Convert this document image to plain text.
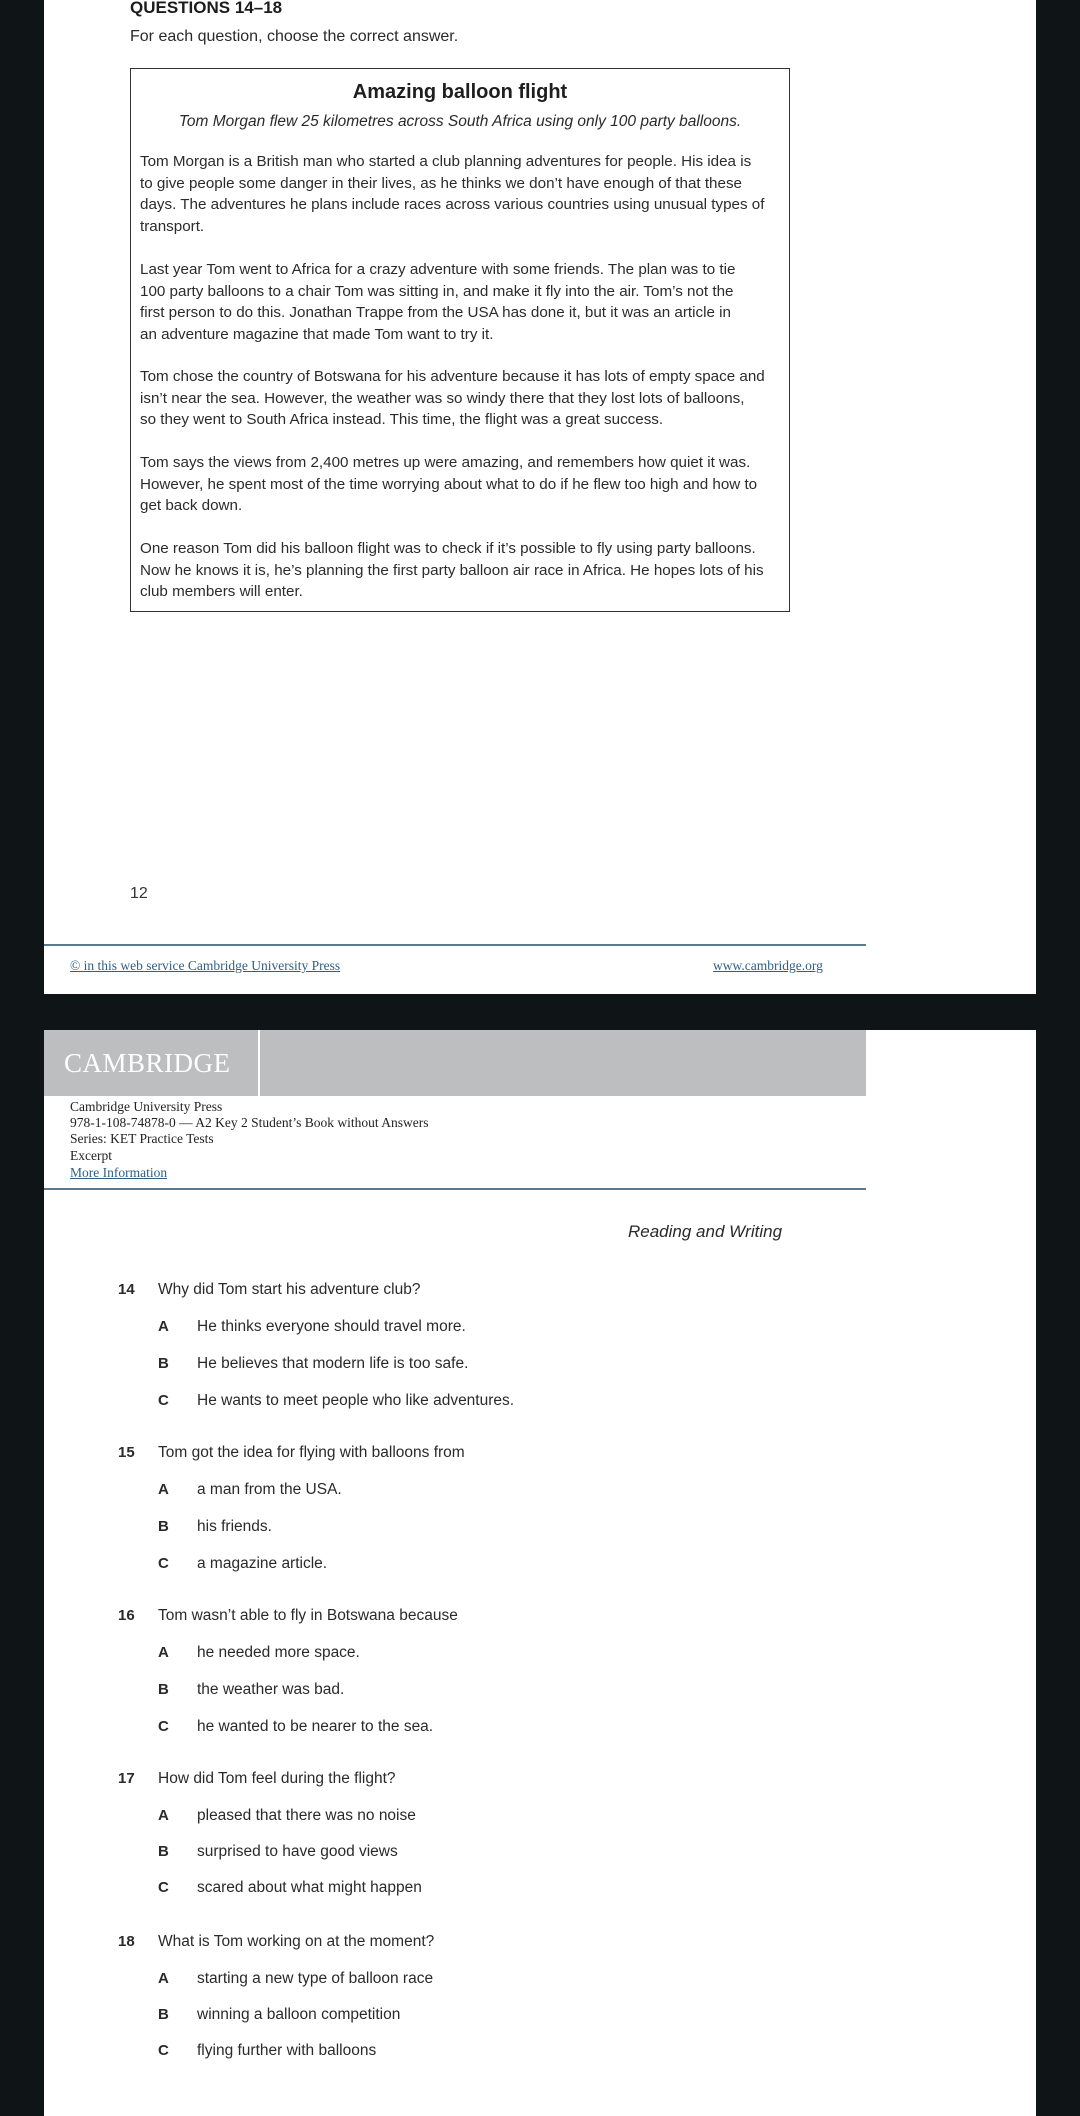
QUESTIONS 14–18
For each question, choose the correct answer.
Amazing balloon flight
Tom Morgan flew 25 kilometres across South Africa using only 100 party balloons.
Tom Morgan is a British man who started a club planning adventures for people. His idea is
to give people some danger in their lives, as he thinks we don’t have enough of that these
days. The adventures he plans include races across various countries using unusual types of
transport.
Last year Tom went to Africa for a crazy adventure with some friends. The plan was to tie
100 party balloons to a chair Tom was sitting in, and make it fly into the air. Tom’s not the
first person to do this. Jonathan Trappe from the USA has done it, but it was an article in
an adventure magazine that made Tom want to try it.
Tom chose the country of Botswana for his adventure because it has lots of empty space and
isn’t near the sea. However, the weather was so windy there that they lost lots of balloons,
so they went to South Africa instead. This time, the flight was a great success.
Tom says the views from 2,400 metres up were amazing, and remembers how quiet it was.
However, he spent most of the time worrying about what to do if he flew too high and how to
get back down.
One reason Tom did his balloon flight was to check if it’s possible to fly using party balloons.
Now he knows it is, he’s planning the first party balloon air race in Africa. He hopes lots of his
club members will enter.
12
© in this web service Cambridge University Press	www.cambridge.org
CAMBRIDGE
Cambridge University Press
978-1-108-74878-0 — A2 Key 2 Student’s Book without Answers
Series: KET Practice Tests
Excerpt
More Information
Reading and Writing
14 Why did Tom start his adventure club?
A He thinks everyone should travel more.
B He believes that modern life is too safe.
C He wants to meet people who like adventures.
15 Tom got the idea for flying with balloons from
A a man from the USA.
B his friends.
C a magazine article.
16 Tom wasn’t able to fly in Botswana because
A he needed more space.
B the weather was bad.
C he wanted to be nearer to the sea.
17 How did Tom feel during the flight?
A pleased that there was no noise
B surprised to have good views
C scared about what might happen
18 What is Tom working on at the moment?
A starting a new type of balloon race
B winning a balloon competition
C flying further with balloons
